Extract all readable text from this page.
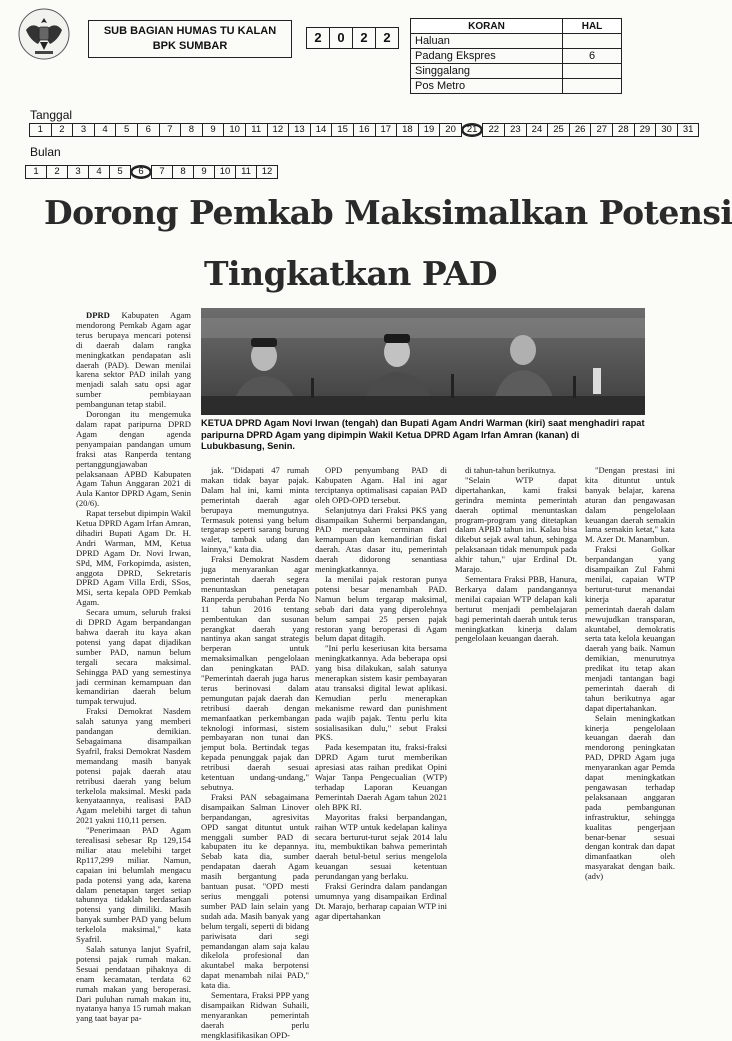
SUB BAGIAN HUMAS TU KALAN
BPK SUMBAR
2	0	2	2
KORAN	HAL
Haluan	
Padang Ekspres	6
Singgalang	
Pos Metro	
Tanggal
1	2	3	4	5	6	7	8	9	10	11	12	13	14	15	16	17	18	19	20	21	22	23	24	25	26	27	28	29	30	31
Bulan
1	2	3	4	5	6	7	8	9	10	11	12
Dorong Pemkab Maksimalkan Potensi
Tingkatkan PAD
KETUA DPRD Agam Novi Irwan (tengah) dan Bupati Agam Andri Warman (kiri) saat menghadiri rapat paripurna DPRD Agam yang dipimpin Wakil Ketua DPRD Agam Irfan Amran (kanan) di Lubukbasung, Senin.

DPRD Kabupaten Agam mendorong Pemkab Agam agar terus berupaya mencari potensi di daerah dalam rangka meningkatkan pendapatan asli daerah (PAD). Dewan menilai karena sektor PAD inilah yang menjadi salah satu opsi agar sumber pembiayaan pembangunan tetap stabil.

Dorongan itu mengemuka dalam rapat paripurna DPRD Agam dengan agenda penyampaian pandangan umum fraksi atas Ranperda tentang pertanggungjawaban pelaksanaan APBD Kabupaten Agam Tahun Anggaran 2021 di Aula Kantor DPRD Agam, Senin (20/6).

Rapat tersebut dipimpin Wakil Ketua DPRD Agam Irfan Amran, dihadiri Bupati Agam Dr. H. Andri Warman, MM, Ketua DPRD Agam Dr. Novi Irwan, SPd, MM, Forkopimda, asisten, anggota DPRD, Sekretaris DPRD Agam Villa Erdi, SSos, MSi, serta kepala OPD Pemkab Agam.

Secara umum, seluruh fraksi di DPRD Agam berpandangan bahwa daerah itu kaya akan potensi yang dapat dijadikan sumber PAD, namun belum tergali secara maksimal. Sehingga PAD yang semestinya jadi cerminan kemampuan dan kemandirian daerah belum tumpak terwujud.

Fraksi Demokrat Nasdem salah satunya yang memberi pandangan demikian. Sebagaimana disampaikan Syafril, fraksi Demokrat Nasdem memandang masih banyak potensi pajak daerah atau retribusi daerah yang belum terkelola maksimal. Meski pada kenyataannya, realisasi PAD Agam melebihi target di tahun 2021 yakni 110,11 persen.

"Penerimaan PAD Agam terealisasi sebesar Rp 129,154 miliar atau melebihi target Rp117,299 miliar. Namun, capaian ini belumlah mengacu pada potensi yang ada, karena dalam penetapan target setiap tahunnya tidaklah berdasarkan potensi yang dimiliki. Masih banyak sumber PAD yang belum terkelola maksimal," kata Syafril.

Salah satunya lanjut Syafril, potensi pajak rumah makan. Sesuai pendataan pihaknya di enam kecamatan, terdata 62 rumah makan yang beroperasi. Dari puluhan rumah makan itu, nyatanya hanya 15 rumah makan yang taat bayar pa-

jak. "Didapati 47 rumah makan tidak bayar pajak. Dalam hal ini, kami minta pemerintah daerah agar berupaya memungutnya. Termasuk potensi yang belum tergarap seperti sarang burung walet, tambak udang dan lainnya," kata dia.

Fraksi Demokrat Nasdem juga menyarankan agar pemerintah daerah segera menuntaskan penetapan Ranperda perubahan Perda No 11 tahun 2016 tentang pembentukan dan susunan perangkat daerah yang nantinya akan sangat strategis berperan untuk memaksimalkan pengelolaan dan peningkatan PAD. "Pemerintah daerah juga harus terus berinovasi dalam pemungutan pajak daerah dan retribusi daerah dengan memanfaatkan perkembangan teknologi informasi, sistem pembayaran non tunai dan jemput bola. Bertindak tegas kepada penunggak pajak dan retribusi daerah sesuai ketentuan undang-undang," sebutnya.

Fraksi PAN sebagaimana disampaikan Salman Linover berpandangan, agresivitas OPD sangat dituntut untuk menggali sumber PAD di kabupaten itu ke depannya. Sebab kata dia, sumber pendapatan daerah Agam masih bergantung pada bantuan pusat. "OPD mesti serius menggali potensi sumber PAD lain selain yang sudah ada. Masih banyak yang belum tergali, seperti di bidang pariwisata dari segi pemandangan alam saja kalau dikelola profesional dan akuntabel maka berpotensi dapat menambah nilai PAD," kata dia.

Sementara, Fraksi PPP yang disampaikan Ridwan Suhaili, menyarankan pemerintah daerah perlu mengklasifikasikan OPD-

OPD penyumbang PAD di Kabupaten Agam. Hal ini agar terciptanya optimalisasi capaian PAD oleh OPD-OPD tersebut.

Selanjutnya dari Fraksi PKS yang disampaikan Suhermi berpandangan, PAD merupakan cerminan dari kemampuan dan kemandirian fiskal daerah. Atas dasar itu, pemerintah daerah didorong senantiasa meningkatkannya.

Ia menilai pajak restoran punya potensi besar menambah PAD. Namun belum tergarap maksimal, sebab dari data yang diperolehnya belum sampai 25 persen pajak restoran yang beroperasi di Agam belum dapat ditagih.

"Ini perlu keseriusan kita bersama meningkatkannya. Ada beberapa opsi yang bisa dilakukan, salah satunya menerapkan sistem kasir pembayaran atau transaksi digital lewat aplikasi. Kemudian perlu menerapkan mekanisme reward dan punishment pada wajib pajak. Tentu perlu kita sosialisasikan dulu," sebut Fraksi PKS.

Pada kesempatan itu, fraksi-fraksi DPRD Agam turut memberikan apresiasi atas raihan predikat Opini Wajar Tanpa Pengecualian (WTP) terhadap Laporan Keuangan Pemerintah Daerah Agam tahun 2021 oleh BPK RI.

Mayoritas fraksi berpandangan, raihan WTP untuk kedelapan kalinya secara berturut-turut sejak 2014 lalu itu, membuktikan bahwa pemerintah daerah betul-betul serius mengelola keuangan sesuai ketentuan perundangan yang berlaku.

Fraksi Gerindra dalam pandangan umumnya yang disampaikan Erdinal Dt. Marajo, berharap capaian WTP ini agar dipertahankan

di tahun-tahun berikutnya.

"Selain WTP dapat dipertahankan, kami fraksi gerindra meminta pemerintah daerah optimal menuntaskan program-program yang ditetapkan dalam APBD tahun ini. Kalau bisa dikebut sejak awal tahun, sehingga pelaksanaan tidak menumpuk pada akhir tahun," ujar Erdinal Dt. Marajo.

Sementara Fraksi PBB, Hanura, Berkarya dalam pandangannya menilai capaian WTP delapan kali berturut menjadi pembelajaran bagi pemerintah daerah untuk terus meningkatkan kinerja dalam pengelolaan keuangan daerah.

"Dengan prestasi ini kita dituntut untuk banyak belajar, karena aturan dan pengawasan dalam pengelolaan keuangan daerah semakin lama semakin ketat," kata M. Azer Dt. Manambun.

Fraksi Golkar berpandangan yang disampaikan Zul Fahmi menilai, capaian WTP berturut-turut menandai kinerja aparatur pemerintah daerah dalam mewujudkan transparan, akuntabel, demokratis serta tata kelola keuangan daerah yang baik. Namun demikian, menurutnya predikat itu tetap akan menjadi tantangan bagi pemerintah daerah di tahun berikutnya agar dapat dipertahankan.

Selain meningkatkan kinerja pengelolaan keuangan daerah dan mendorong peningkatan PAD, DPRD Agam juga menyarankan agar Pemda dapat meningkatkan pengawasan terhadap pelaksanaan anggaran pada pembangunan infrastruktur, sehingga kualitas pengerjaan benar-benar sesuai dengan kontrak dan dapat dimanfaatkan oleh masyarakat dengan baik. (adv)
